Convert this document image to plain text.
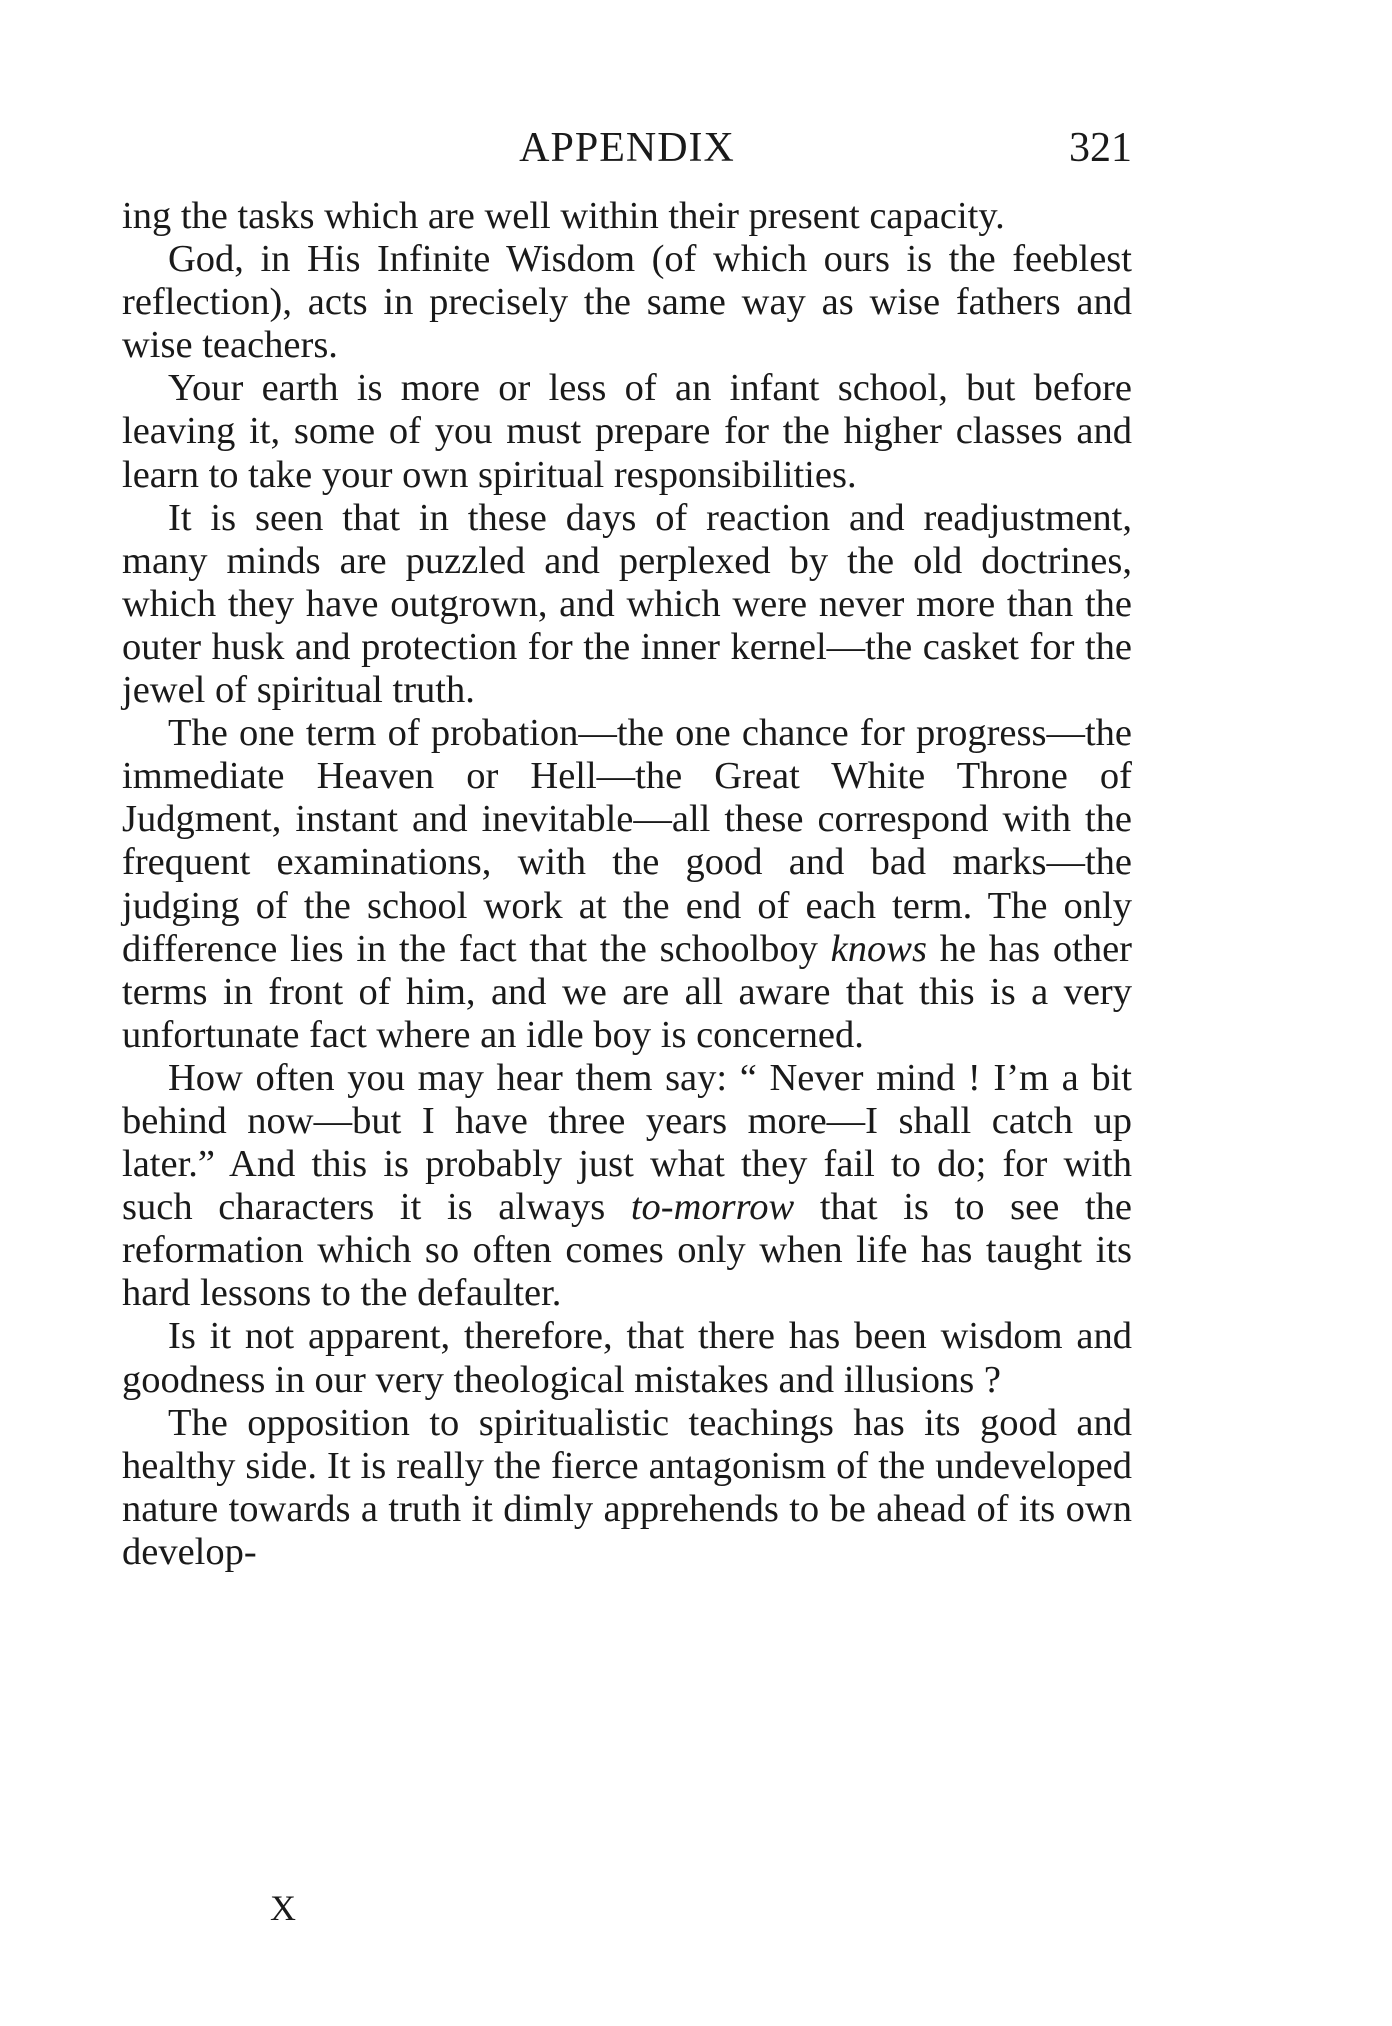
APPENDIX	321

ing the tasks which are well within their present capacity.

God, in His Infinite Wisdom (of which ours is the feeblest reflection), acts in precisely the same way as wise fathers and wise teachers.

Your earth is more or less of an infant school, but before leaving it, some of you must prepare for the higher classes and learn to take your own spiritual responsibilities.

It is seen that in these days of reaction and readjustment, many minds are puzzled and perplexed by the old doctrines, which they have outgrown, and which were never more than the outer husk and protection for the inner kernel—the casket for the jewel of spiritual truth.

The one term of probation—the one chance for progress—the immediate Heaven or Hell—the Great White Throne of Judgment, instant and inevitable—all these correspond with the frequent examinations, with the good and bad marks—the judging of the school work at the end of each term. The only difference lies in the fact that the schoolboy knows he has other terms in front of him, and we are all aware that this is a very unfortunate fact where an idle boy is concerned.

How often you may hear them say: “ Never mind ! I’m a bit behind now—but I have three years more—I shall catch up later.” And this is probably just what they fail to do; for with such characters it is always to-morrow that is to see the reformation which so often comes only when life has taught its hard lessons to the defaulter.

Is it not apparent, therefore, that there has been wisdom and goodness in our very theological mistakes and illusions ?

The opposition to spiritualistic teachings has its good and healthy side. It is really the fierce antagonism of the undeveloped nature towards a truth it dimly apprehends to be ahead of its own develop-

X
